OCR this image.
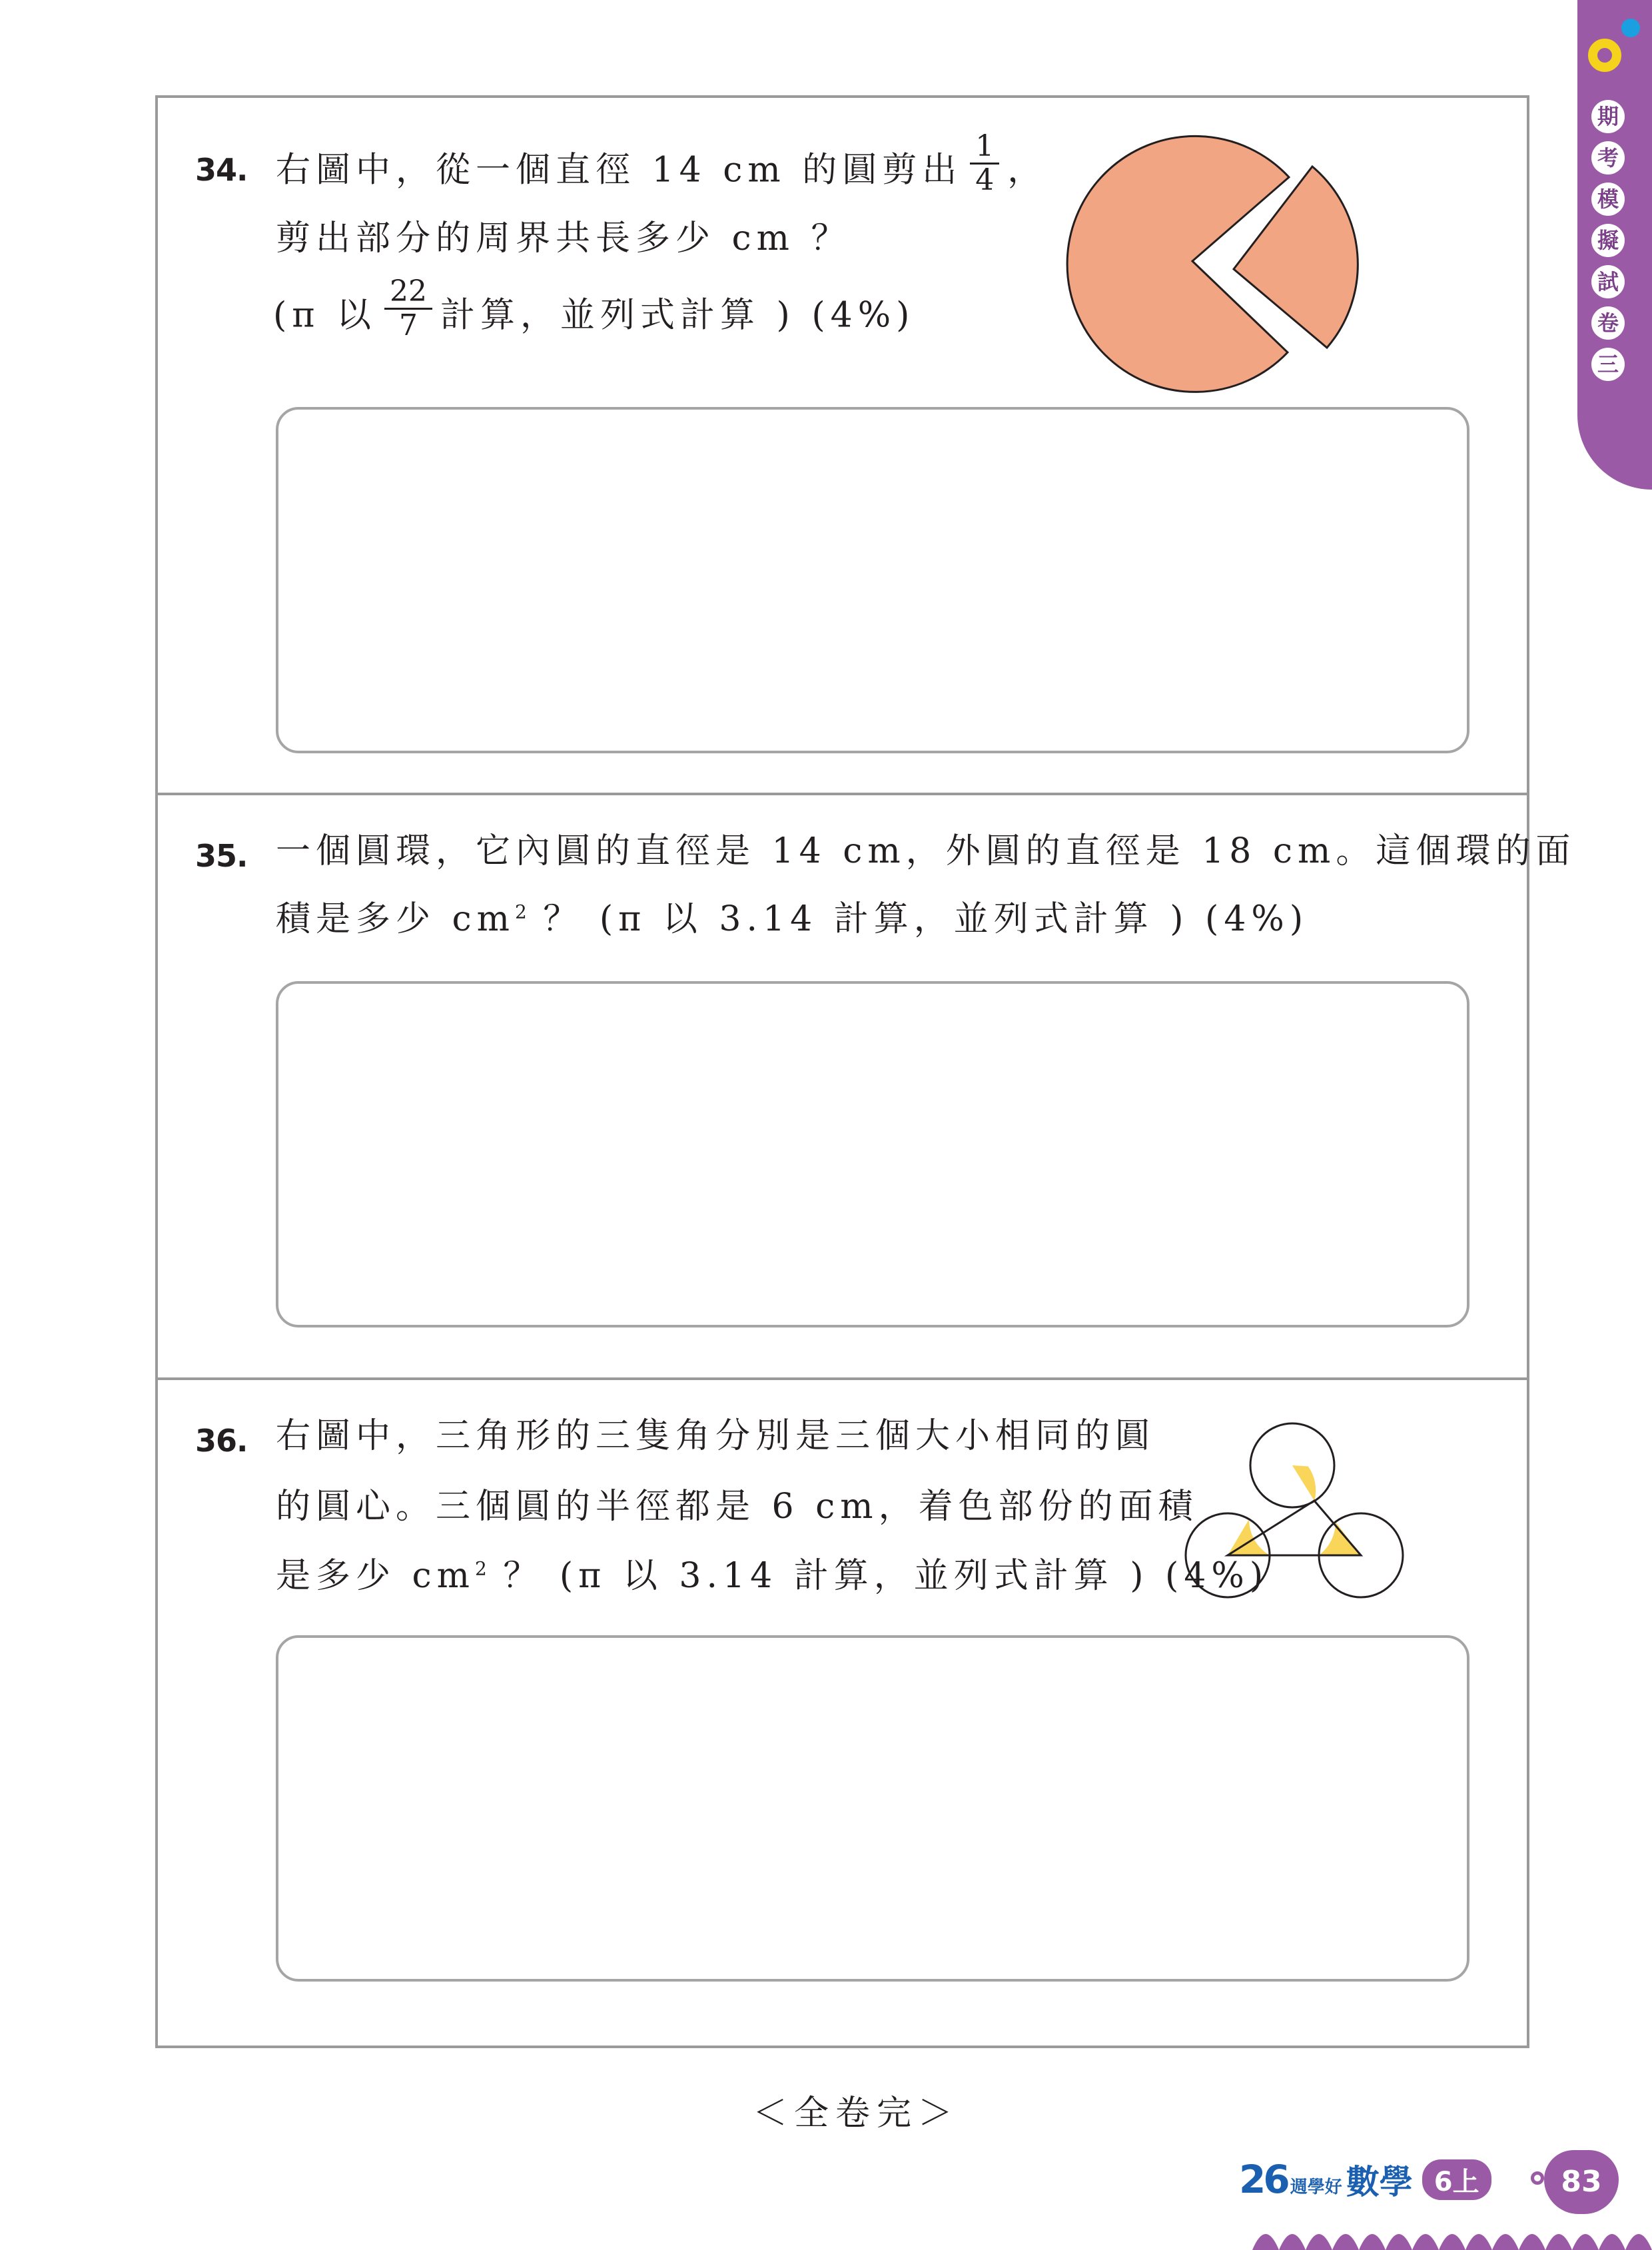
期
考
模
擬
試
卷
三
34. 右圖中，從一個直徑 14 cm 的圓剪出 $\frac{1}{4}$ ，
剪出部分的周界共長多少 cm ？
(π 以 $\frac{22}{7}$ 計算，並列式計算 ) (4%)
35. 一個圓環，它內圓的直徑是 14 cm，外圓的直徑是 18 cm。這個環的面
積是多少 $cm^2$ ？ (π 以 3.14 計算，並列式計算 ) (4%)
36. 右圖中，三角形的三隻角分別是三個大小相同的圓
的圓心。三個圓的半徑都是 6 cm，着色部份的面積
是多少 $cm^2$ ？ (π 以 3.14 計算，並列式計算 ) (4%)
＜全卷完＞
26 週學好 數學 6上	83
